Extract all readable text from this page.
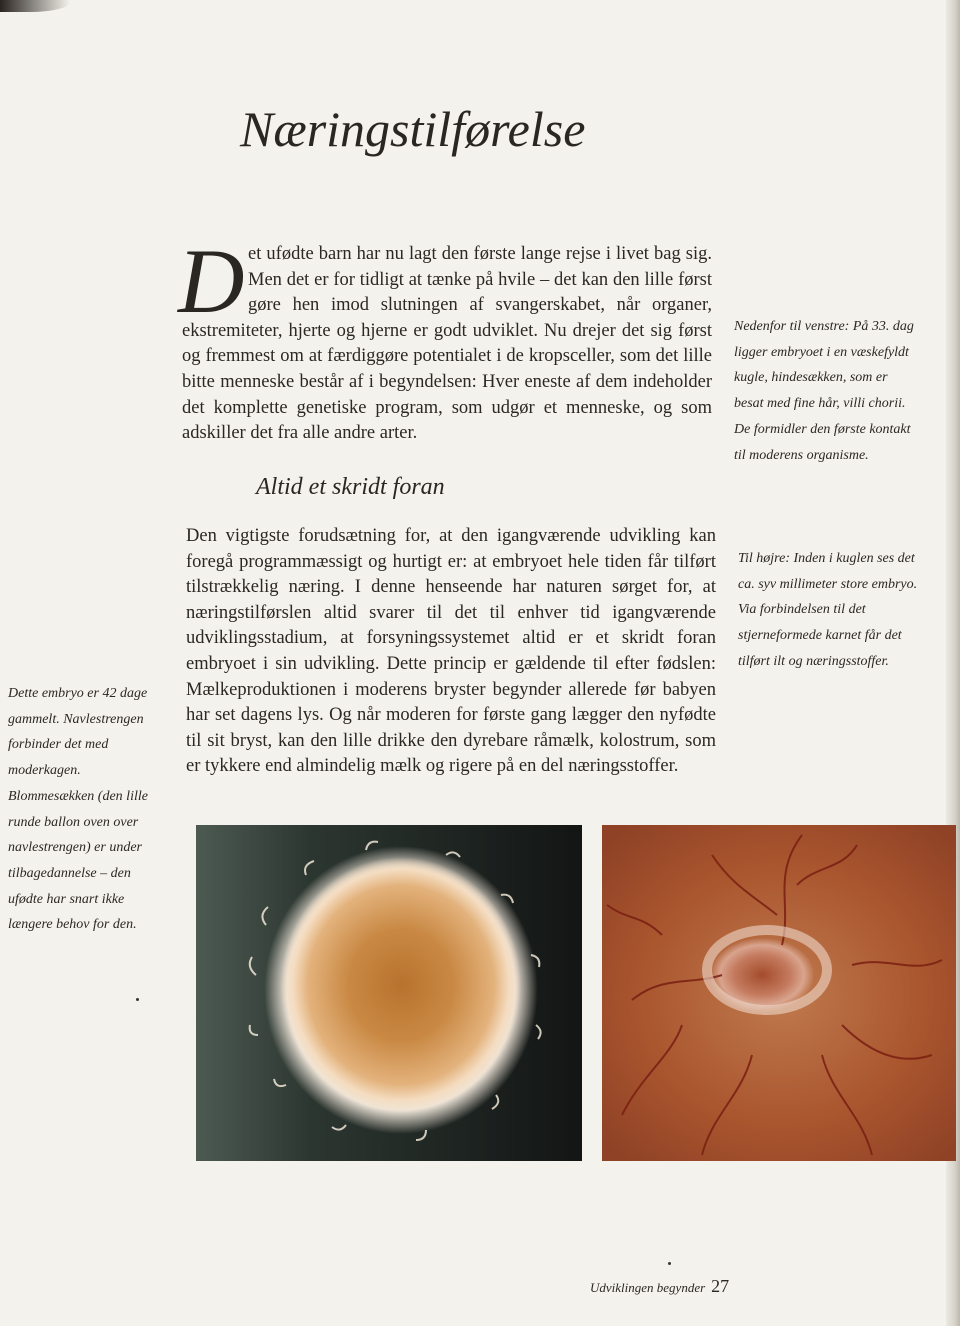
Næringstilførelse
Det ufødte barn har nu lagt den første lange rejse i livet bag sig. Men det er for tidligt at tænke på hvile – det kan den lille først gøre hen imod slutningen af svangerskabet, når organer, ekstremiteter, hjerte og hjerne er godt udviklet. Nu drejer det sig først og fremmest om at færdiggøre potentialet i de kropsceller, som det lille bitte menneske består af i begyndelsen: Hver eneste af dem indeholder det komplette genetiske program, som udgør et menneske, og som adskiller det fra alle andre arter.
Altid et skridt foran
Den vigtigste forudsætning for, at den igangværende udvikling kan foregå programmæssigt og hurtigt er: at embryoet hele tiden får tilført tilstrækkelig næring. I denne henseende har naturen sørget for, at næringstilførslen altid svarer til det til enhver tid igangværende udviklingsstadium, at forsyningssystemet altid er et skridt foran embryoet i sin udvikling. Dette princip er gældende til efter fødslen: Mælkeproduktionen i moderens bryster begynder allerede før babyen har set dagens lys. Og når moderen for første gang lægger den nyfødte til sit bryst, kan den lille drikke den dyrebare råmælk, kolostrum, som er tykkere end almindelig mælk og rigere på en del næringsstoffer.
Nedenfor til venstre: På 33. dag ligger embryoet i en væskefyldt kugle, hindesækken, som er besat med fine hår, villi chorii. De formidler den første kontakt til moderens organisme.
Til højre: Inden i kuglen ses det ca. syv millimeter store embryo. Via forbindelsen til det stjerneformede karnet får det tilført ilt og næringsstoffer.
Dette embryo er 42 dage gammelt. Navlestrengen forbinder det med moderkagen. Blommesækken (den lille runde ballon oven over navlestrengen) er under tilbagedannelse – den ufødte har snart ikke længere behov for den.
Udviklingen begynder 27
